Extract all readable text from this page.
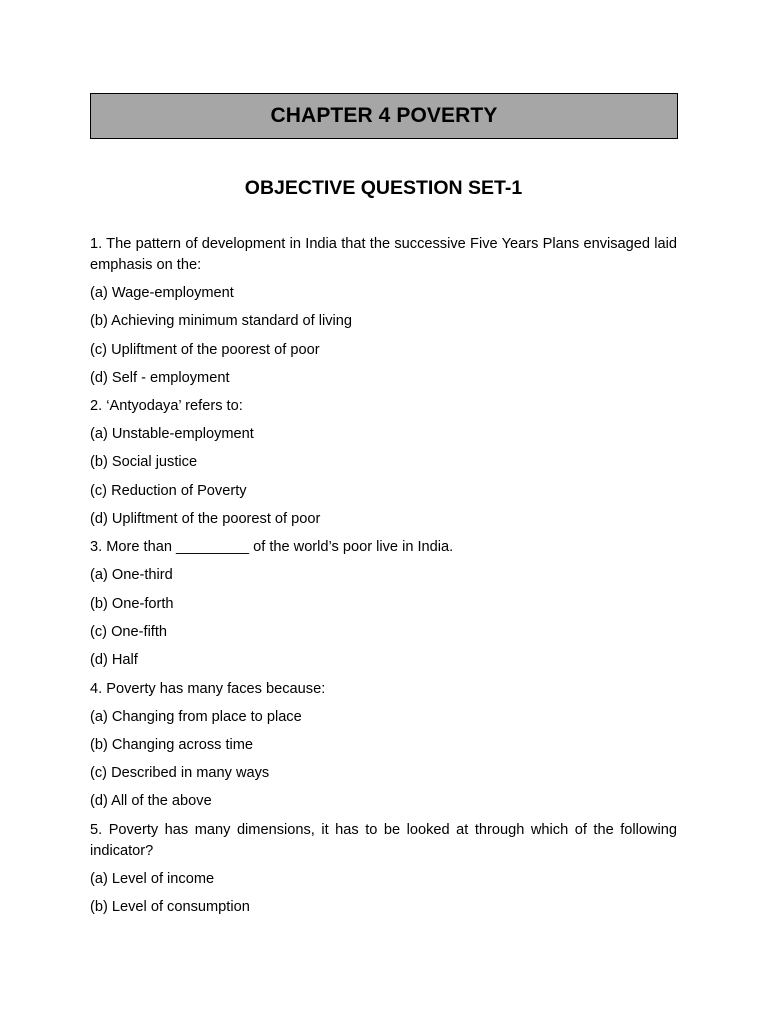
CHAPTER 4 POVERTY
OBJECTIVE QUESTION SET-1

1. The pattern of development in India that the successive Five Years Plans envisaged laid emphasis on the:

(a) Wage-employment
(b) Achieving minimum standard of living
(c) Upliftment of the poorest of poor
(d) Self - employment

2. ‘Antyodaya’ refers to:

(a) Unstable-employment
(b) Social justice
(c) Reduction of Poverty
(d) Upliftment of the poorest of poor

3. More than _________ of the world’s poor live in India.

(a) One-third
(b) One-forth
(c) One-fifth
(d) Half

4. Poverty has many faces because:

(a) Changing from place to place
(b) Changing across time
(c) Described in many ways
(d) All of the above

5. Poverty has many dimensions, it has to be looked at through which of the following indicator?

(a) Level of income
(b) Level of consumption
